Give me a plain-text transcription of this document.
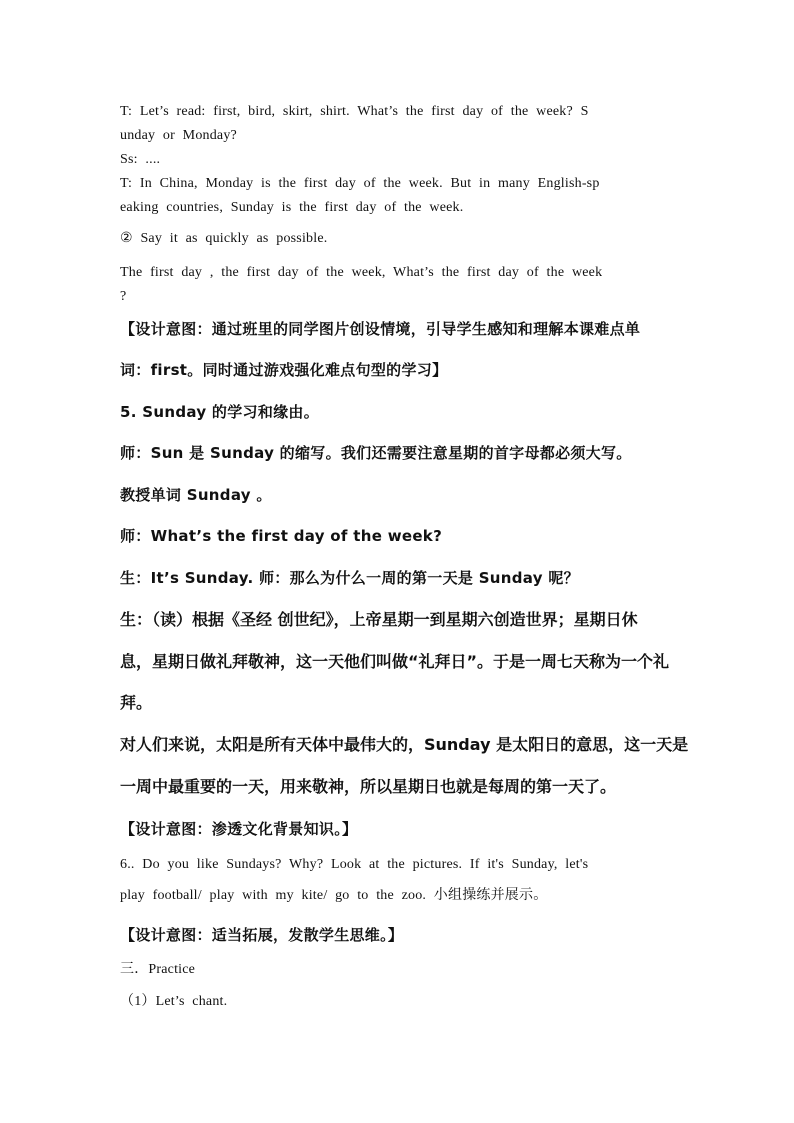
T: Let’s read: first, bird, skirt, shirt. What’s the first day of the week? S
unday or Monday?
Ss: ....
T: In China, Monday is the first day of the week. But in many English-sp
eaking countries, Sunday is the first day of the week.
② Say it as quickly as possible.
The first day , the first day of the week, What’s the first day of the week
?
【设计意图：通过班里的同学图片创设情境，引导学生感知和理解本课难点单
词：first。同时通过游戏强化难点句型的学习】
5. Sunday 的学习和缘由。
师：Sun 是 Sunday 的缩写。我们还需要注意星期的首字母都必须大写。
教授单词 Sunday 。
师：What’s the first day of the week?
生：It’s Sunday. 师：那么为什么一周的第一天是 Sunday 呢？
生：（读）根据《圣经 创世纪》，上帝星期一到星期六创造世界；星期日休
息，星期日做礼拜敬神，这一天他们叫做“礼拜日”。于是一周七天称为一个礼
拜。
对人们来说，太阳是所有天体中最伟大的，Sunday 是太阳日的意思，这一天是
一周中最重要的一天，用来敬神，所以星期日也就是每周的第一天了。
【设计意图：渗透文化背景知识。】
6.. Do you like Sundays? Why? Look at the pictures. If it's Sunday, let's
play football/ play with my kite/ go to the zoo. 小组操练并展示。
【设计意图：适当拓展，发散学生思维。】
三．Practice
（1）Let’s chant.
